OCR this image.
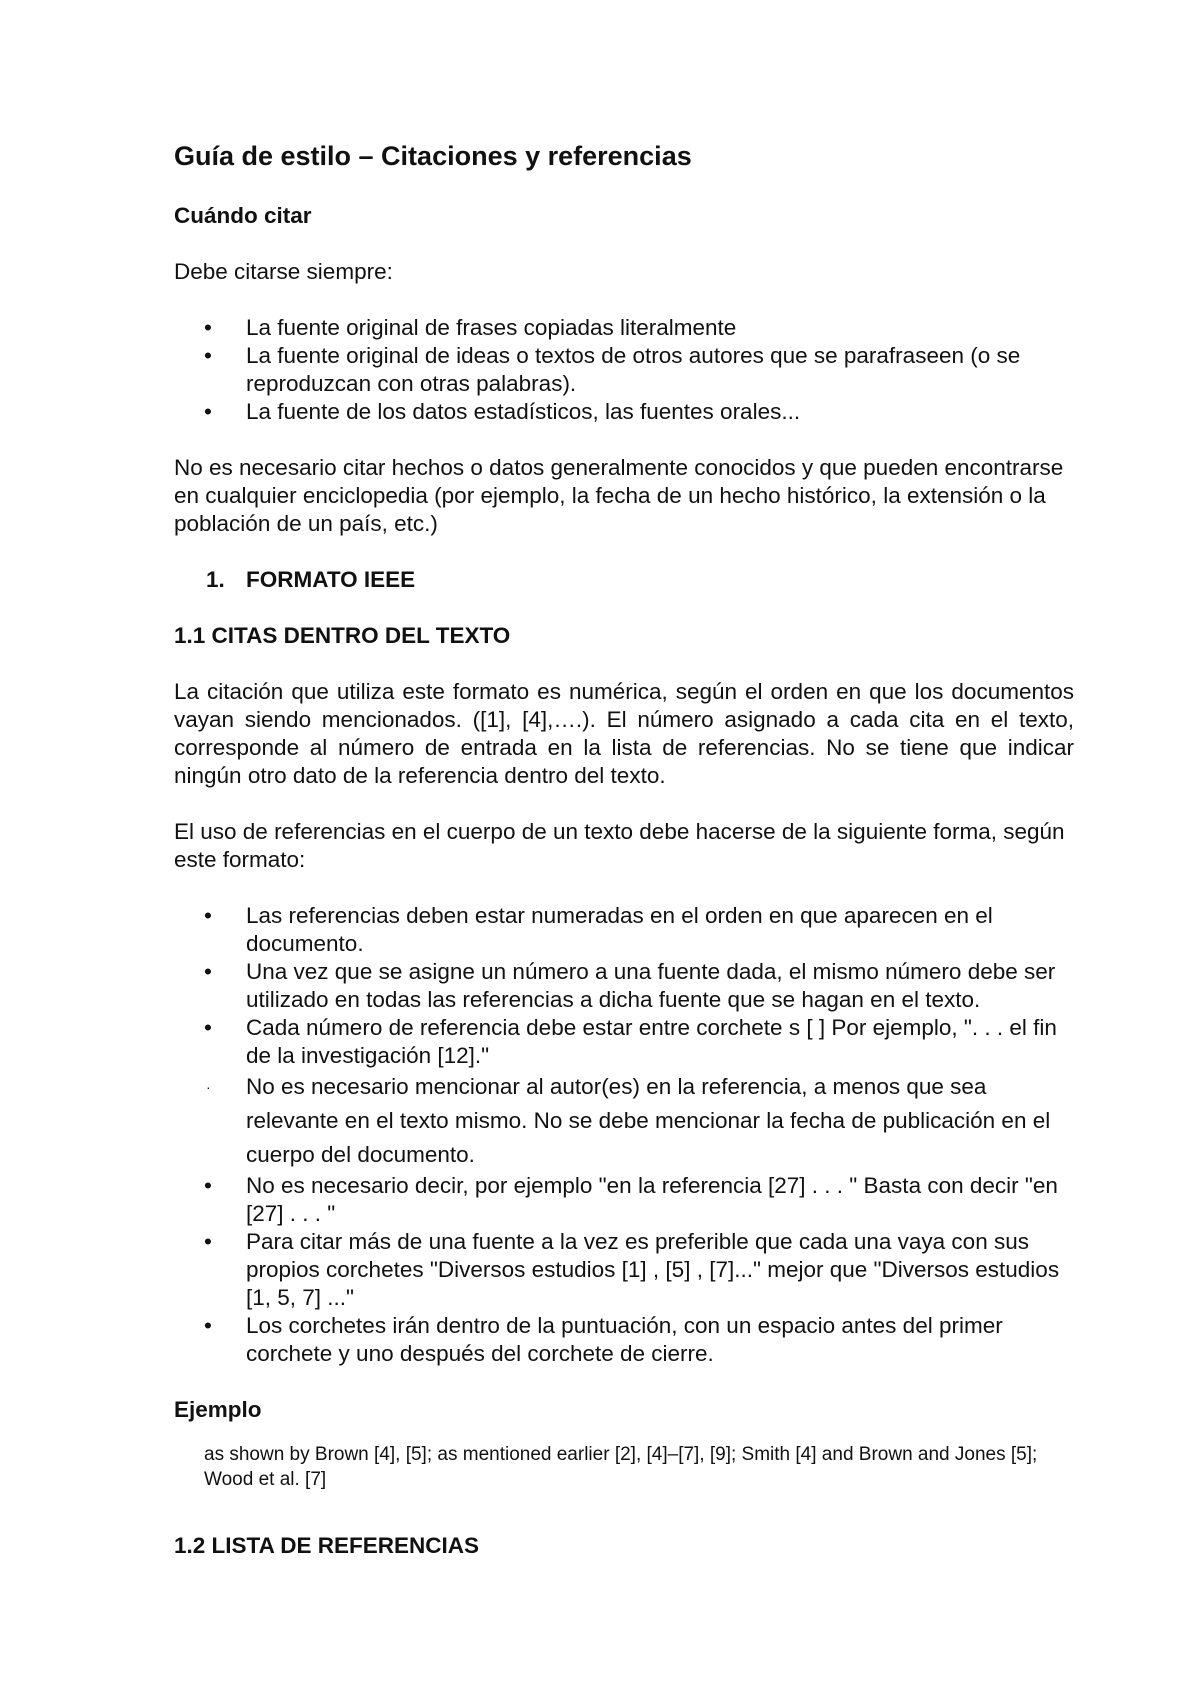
Guía de estilo – Citaciones y referencias
Cuándo citar

Debe citarse siempre:

• La fuente original de frases copiadas literalmente
• La fuente original de ideas o textos de otros autores que se parafraseen (o se reproduzcan con otras palabras).
• La fuente de los datos estadísticos, las fuentes orales...

No es necesario citar hechos o datos generalmente conocidos y que pueden encontrarse en cualquier enciclopedia (por ejemplo, la fecha de un hecho histórico, la extensión o la población de un país, etc.)

1. FORMATO IEEE
1.1 CITAS DENTRO DEL TEXTO

La citación que utiliza este formato es numérica, según el orden en que los documentos vayan siendo mencionados. ([1], [4],….). El número asignado a cada cita en el texto, corresponde al número de entrada en la lista de referencias. No se tiene que indicar ningún otro dato de la referencia dentro del texto.

El uso de referencias en el cuerpo de un texto debe hacerse de la siguiente forma, según este formato:

• Las referencias deben estar numeradas en el orden en que aparecen en el documento.
• Una vez que se asigne un número a una fuente dada, el mismo número debe ser utilizado en todas las referencias a dicha fuente que se hagan en el texto.
• Cada número de referencia debe estar entre corchete s [ ] Por ejemplo, ". . . el fin de la investigación [12]."
· No es necesario mencionar al autor(es) en la referencia, a menos que sea relevante en el texto mismo. No se debe mencionar la fecha de publicación en el cuerpo del documento.
• No es necesario decir, por ejemplo "en la referencia [27] . . . " Basta con decir "en [27] . . . "
• Para citar más de una fuente a la vez es preferible que cada una vaya con sus propios corchetes "Diversos estudios [1] , [5] , [7]..." mejor que "Diversos estudios [1, 5, 7] ..."
• Los corchetes irán dentro de la puntuación, con un espacio antes del primer corchete y uno después del corchete de cierre.
Ejemplo
as shown by Brown [4], [5]; as mentioned earlier [2], [4]–[7], [9]; Smith [4] and Brown and Jones [5]; Wood et al. [7]
1.2 LISTA DE REFERENCIAS
